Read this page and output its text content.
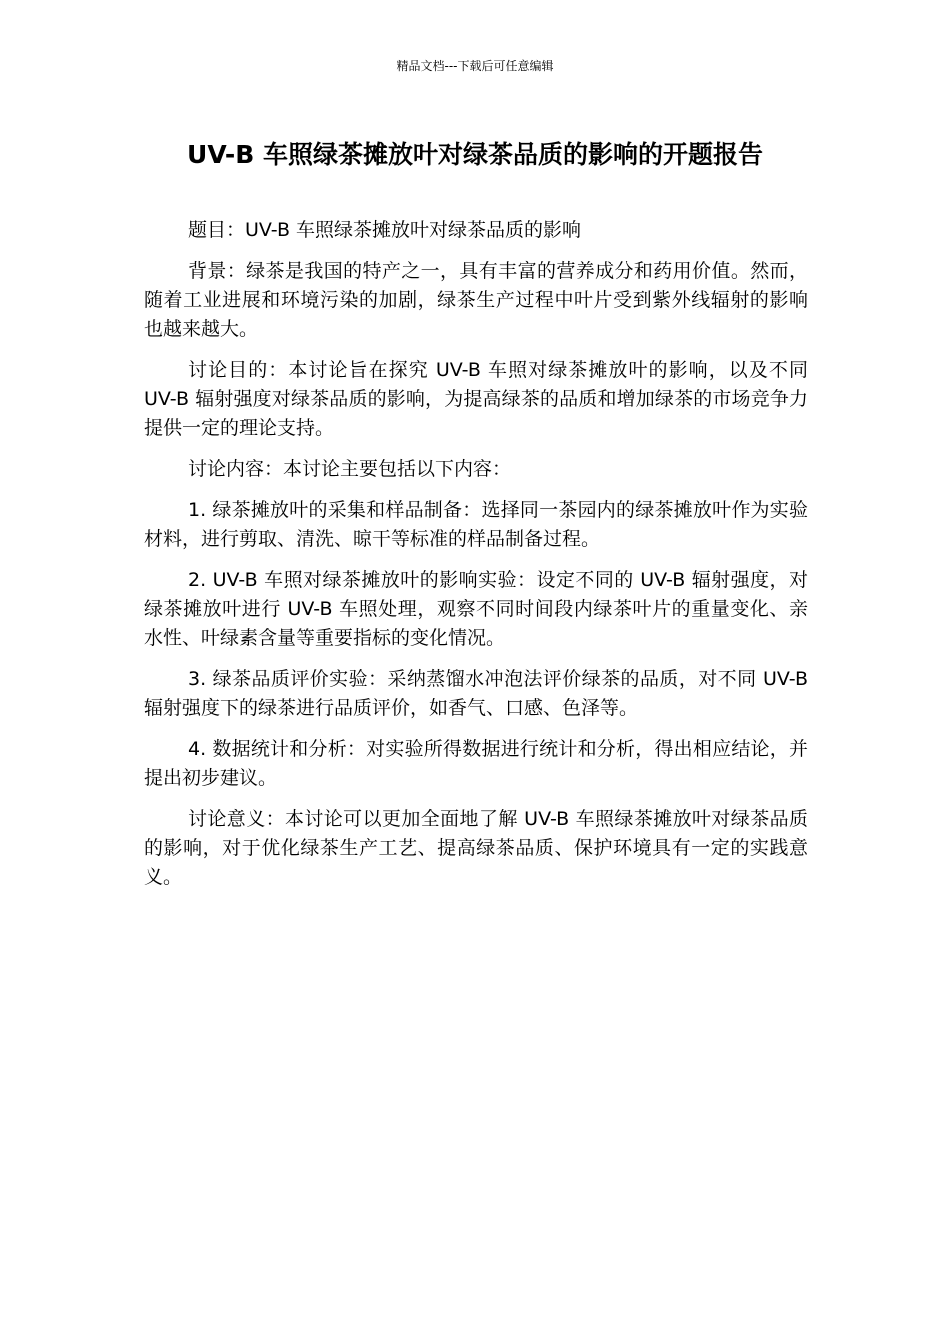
精品文档---下载后可任意编辑
UV-B 车照绿茶摊放叶对绿茶品质的影响的开题报告

题目：UV-B 车照绿茶摊放叶对绿茶品质的影响

背景：绿茶是我国的特产之一，具有丰富的营养成分和药用价值。然而，随着工业进展和环境污染的加剧，绿茶生产过程中叶片受到紫外线辐射的影响也越来越大。

讨论目的：本讨论旨在探究 UV-B 车照对绿茶摊放叶的影响，以及不同 UV-B 辐射强度对绿茶品质的影响，为提高绿茶的品质和增加绿茶的市场竞争力提供一定的理论支持。

讨论内容：本讨论主要包括以下内容：

1. 绿茶摊放叶的采集和样品制备：选择同一茶园内的绿茶摊放叶作为实验材料，进行剪取、清洗、晾干等标准的样品制备过程。

2. UV-B 车照对绿茶摊放叶的影响实验：设定不同的 UV-B 辐射强度，对绿茶摊放叶进行 UV-B 车照处理，观察不同时间段内绿茶叶片的重量变化、亲水性、叶绿素含量等重要指标的变化情况。

3. 绿茶品质评价实验：采纳蒸馏水冲泡法评价绿茶的品质，对不同 UV-B 辐射强度下的绿茶进行品质评价，如香气、口感、色泽等。

4. 数据统计和分析：对实验所得数据进行统计和分析，得出相应结论，并提出初步建议。

讨论意义：本讨论可以更加全面地了解 UV-B 车照绿茶摊放叶对绿茶品质的影响，对于优化绿茶生产工艺、提高绿茶品质、保护环境具有一定的实践意义。
